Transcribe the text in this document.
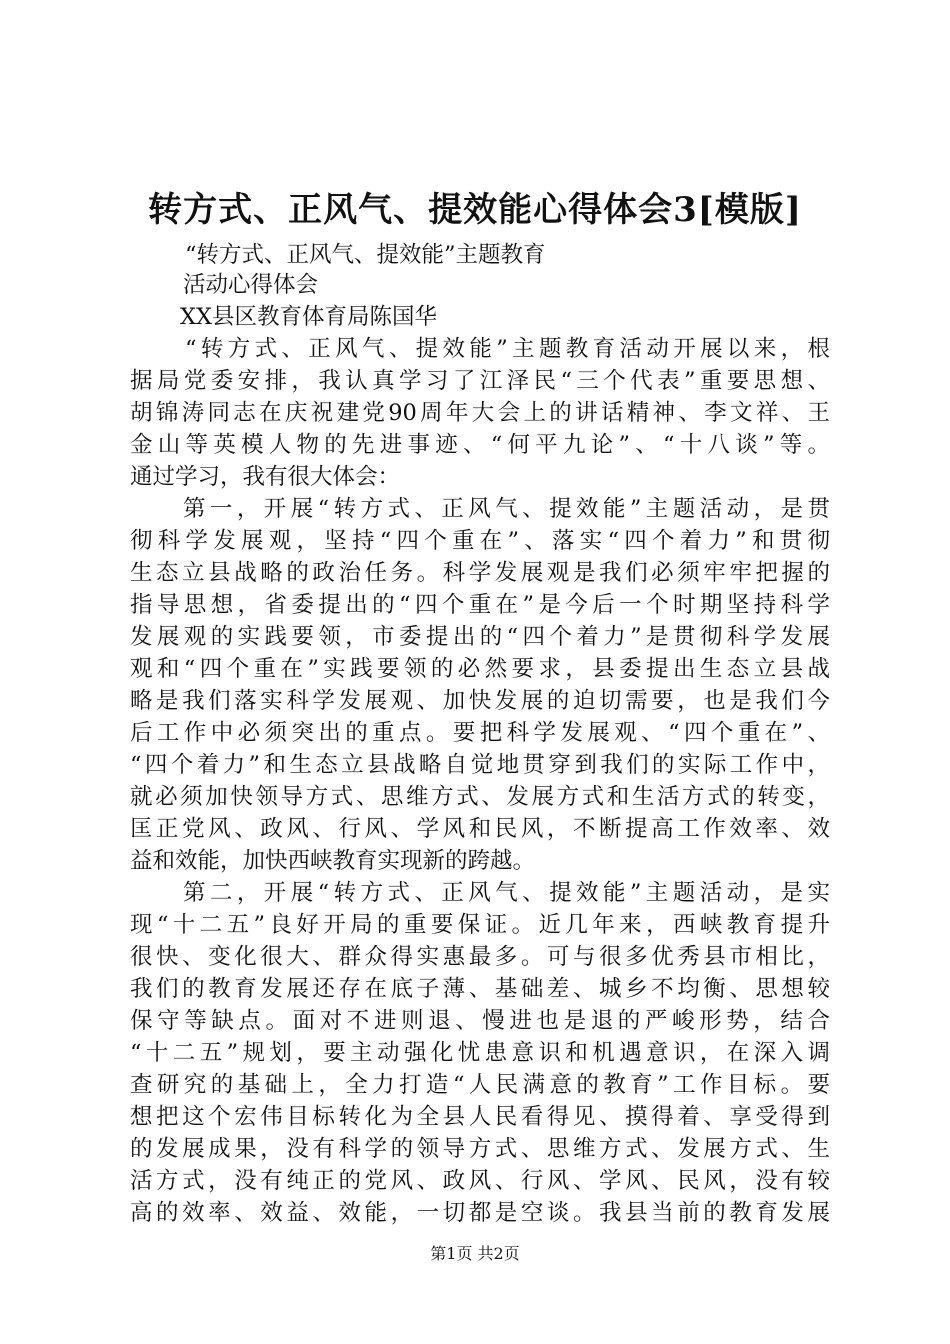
转方式、正风气、提效能心得体会3[模版]
“转方式、正风气、提效能”主题教育
活动心得体会
XX县区教育体育局陈国华
“转方式、正风气、提效能”主题教育活动开展以来，根
据局党委安排，我认真学习了江泽民“三个代表”重要思想、
胡锦涛同志在庆祝建党90周年大会上的讲话精神、李文祥、王
金山等英模人物的先进事迹、“何平九论”、“十八谈”等。
通过学习，我有很大体会：
第一，开展“转方式、正风气、提效能”主题活动，是贯
彻科学发展观，坚持“四个重在”、落实“四个着力”和贯彻
生态立县战略的政治任务。科学发展观是我们必须牢牢把握的
指导思想，省委提出的“四个重在”是今后一个时期坚持科学
发展观的实践要领，市委提出的“四个着力”是贯彻科学发展
观和“四个重在”实践要领的必然要求，县委提出生态立县战
略是我们落实科学发展观、加快发展的迫切需要，也是我们今
后工作中必须突出的重点。要把科学发展观、“四个重在”、
“四个着力”和生态立县战略自觉地贯穿到我们的实际工作中，
就必须加快领导方式、思维方式、发展方式和生活方式的转变，
匡正党风、政风、行风、学风和民风，不断提高工作效率、效
益和效能，加快西峡教育实现新的跨越。
第二，开展“转方式、正风气、提效能”主题活动，是实
现“十二五”良好开局的重要保证。近几年来，西峡教育提升
很快、变化很大、群众得实惠最多。可与很多优秀县市相比，
我们的教育发展还存在底子薄、基础差、城乡不均衡、思想较
保守等缺点。面对不进则退、慢进也是退的严峻形势，结合
“十二五”规划，要主动强化忧患意识和机遇意识，在深入调
查研究的基础上，全力打造“人民满意的教育”工作目标。要
想把这个宏伟目标转化为全县人民看得见、摸得着、享受得到
的发展成果，没有科学的领导方式、思维方式、发展方式、生
活方式，没有纯正的党风、政风、行风、学风、民风，没有较
高的效率、效益、效能，一切都是空谈。我县当前的教育发展
第1页 共2页
